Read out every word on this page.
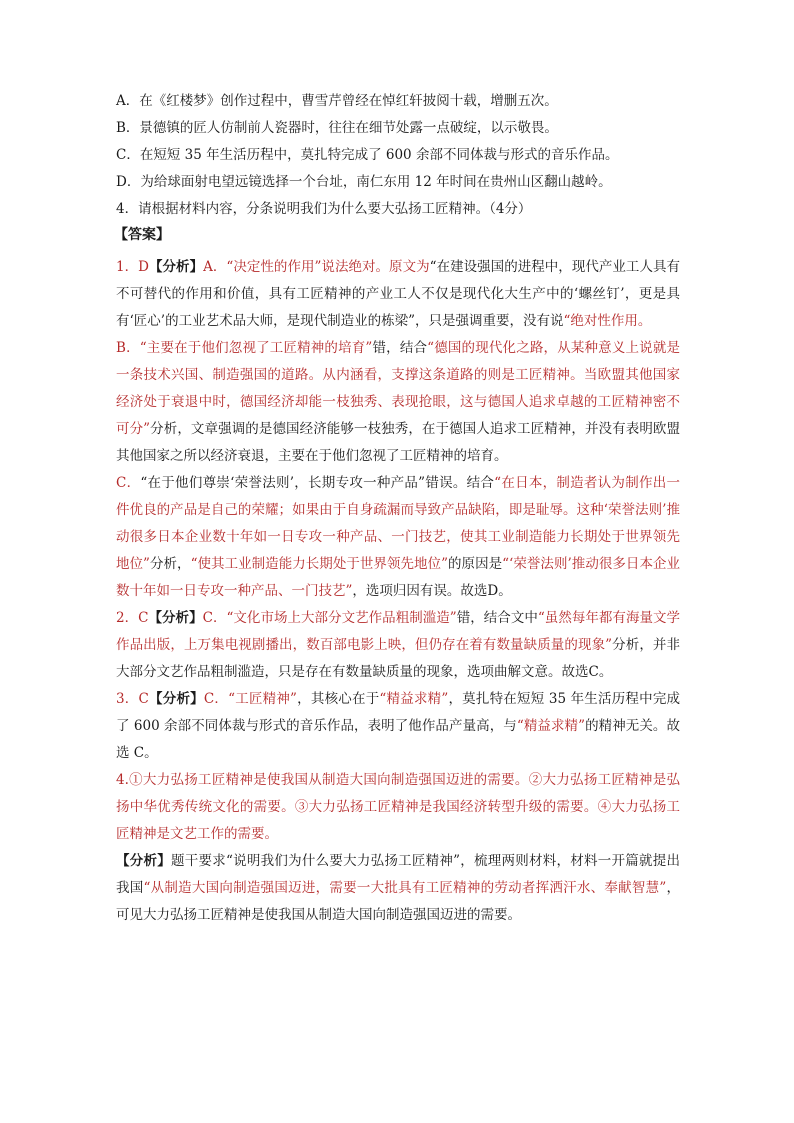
A．在《红楼梦》创作过程中，曹雪芹曾经在悼红轩披阅十载，增删五次。
B．景德镇的匠人仿制前人瓷器时，往往在细节处露一点破绽，以示敬畏。
C．在短短 35 年生活历程中，莫扎特完成了 600 余部不同体裁与形式的音乐作品。
D．为给球面射电望远镜选择一个台址，南仁东用 12 年时间在贵州山区翻山越岭。
4．请根据材料内容，分条说明我们为什么要大弘扬工匠精神。（4分）
【答案】

1．D【分析】A．“决定性的作用”说法绝对。原文为“在建设强国的进程中，现代产业工人具有不可替代的作用和价值，具有工匠精神的产业工人不仅是现代化大生产中的‘螺丝钉’，更是具有‘匠心’的工业艺术品大师，是现代制造业的栋梁”，只是强调重要，没有说“绝对性作用。

B．“主要在于他们忽视了工匠精神的培育”错，结合“德国的现代化之路，从某种意义上说就是一条技术兴国、制造强国的道路。从内涵看，支撑这条道路的则是工匠精神。当欧盟其他国家经济处于衰退中时，德国经济却能一枝独秀、表现抢眼，这与德国人追求卓越的工匠精神密不可分”分析，文章强调的是德国经济能够一枝独秀，在于德国人追求工匠精神，并没有表明欧盟其他国家之所以经济衰退，主要在于他们忽视了工匠精神的培育。

C．“在于他们尊崇‘荣誉法则’，长期专攻一种产品”错误。结合“在日本，制造者认为制作出一件优良的产品是自己的荣耀；如果由于自身疏漏而导致产品缺陷，即是耻辱。这种‘荣誉法则’推动很多日本企业数十年如一日专攻一种产品、一门技艺，使其工业制造能力长期处于世界领先地位”分析，“使其工业制造能力长期处于世界领先地位”的原因是“‘荣誉法则’推动很多日本企业数十年如一日专攻一种产品、一门技艺”，选项归因有误。故选D。

2．C【分析】C．“文化市场上大部分文艺作品粗制滥造”错，结合文中“虽然每年都有海量文学作品出版，上万集电视剧播出，数百部电影上映，但仍存在着有数量缺质量的现象”分析，并非大部分文艺作品粗制滥造，只是存在有数量缺质量的现象，选项曲解文意。故选C。

3．C【分析】C．“工匠精神”，其核心在于“精益求精”，莫扎特在短短 35 年生活历程中完成了 600 余部不同体裁与形式的音乐作品，表明了他作品产量高，与“精益求精”的精神无关。故选 C。

4.①大力弘扬工匠精神是使我国从制造大国向制造强国迈进的需要。②大力弘扬工匠精神是弘扬中华优秀传统文化的需要。③大力弘扬工匠精神是我国经济转型升级的需要。④大力弘扬工匠精神是文艺工作的需要。

【分析】题干要求“说明我们为什么要大力弘扬工匠精神”，梳理两则材料，材料一开篇就提出我国“从制造大国向制造强国迈进，需要一大批具有工匠精神的劳动者挥洒汗水、奉献智慧”，可见大力弘扬工匠精神是使我国从制造大国向制造强国迈进的需要。
